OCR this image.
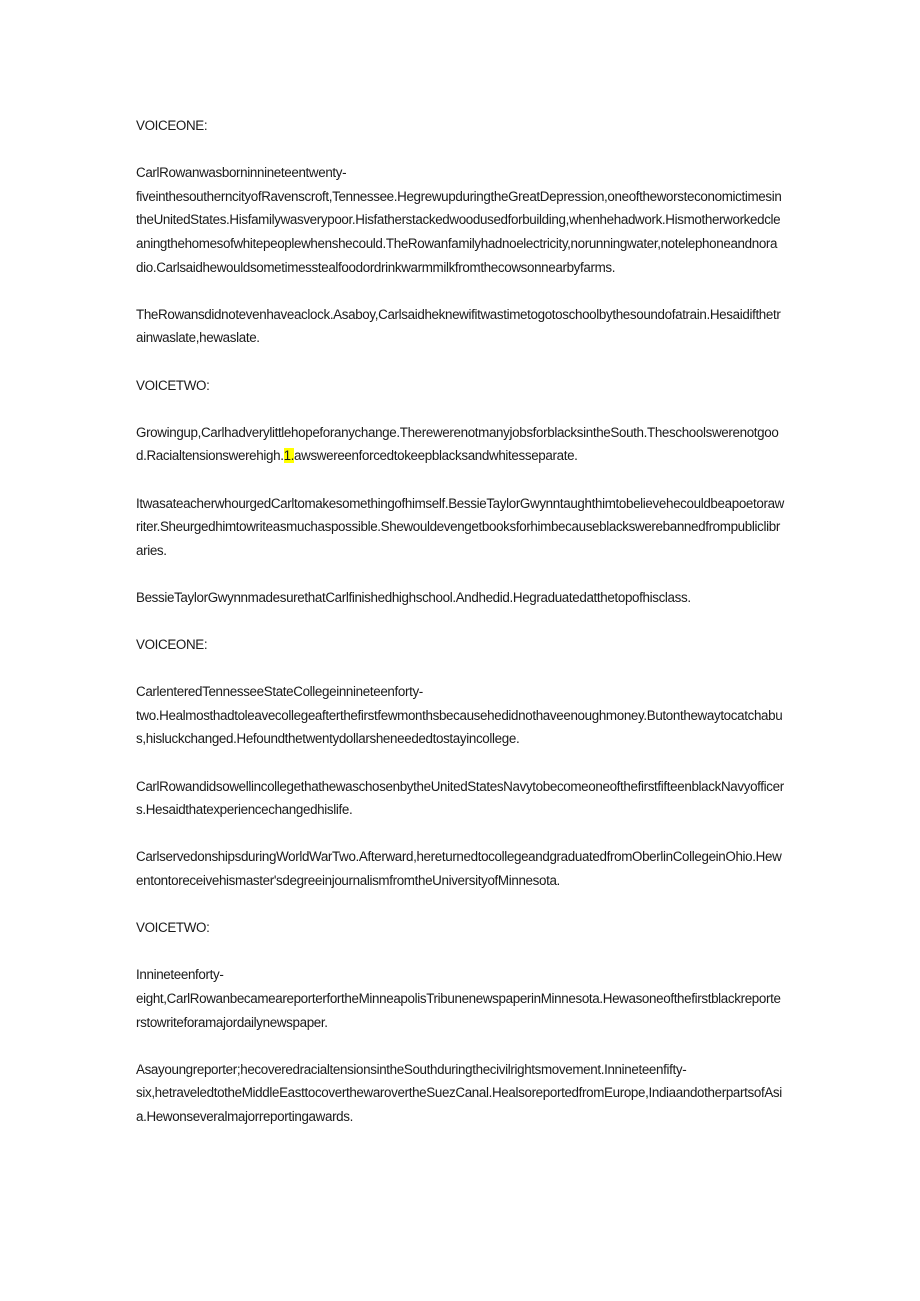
VOICEONE:

CarlRowanwasborninnineteentwenty-
fiveinthesoutherncityofRavenscroft,Tennessee.HegrewupduringtheGreatDepression,oneoftheworsteconomictimesintheUnitedStates.Hisfamilywasverypoor.Hisfatherstackedwoodusedforbuilding,whenhehadwork.Hismotherworkedcleaningthehomesofwhitepeoplewhenshecould.TheRowanfamilyhadnoelectricity,norunningwater,notelephoneandnoradio.Carlsaidhewouldsometimesstealfoodordrinkwarmmilkfromthecowsonnearbyfarms.

TheRowansdidnotevenhaveaclock.Asaboy,Carlsaidheknewifitwastimetogotoschoolbythesoundofatrain.Hesaidifthetrainwaslate,hewaslate.

VOICETWO:

Growingup,Carlhadverylittlehopeforanychange.TherewerenotmanyjobsforblacksintheSouth.Theschoolswerenotgood.Racialtensionswerehigh.1.awswereenforcedtokeepblacksandwhitesseparate.

ItwasateacherwhourgedCarltomakesomethingofhimself.BessieTaylorGwynntaughthimtobelievehecouldbeapoetorawriter.Sheurgedhimtowriteasmuchaspossible.Shewouldevengetbooksforhimbecauseblackswerebannedfrompubliclibraries.

BessieTaylorGwynnmadesurethatCarlfinishedhighschool.Andhedid.Hegraduatedatthetopofhisclass.

VOICEONE:

CarlenteredTennesseeStateCollegeinnineteenforty-
two.Healmosthadtoleavecollegeafterthefirstfewmonthsbecausehedidnothaveenoughmoney.Butonthewaytocatchabus,hisluckchanged.Hefoundthetwentydollarsheneededtostayincollege.

CarlRowandidsowellincollegethathewaschosenbytheUnitedStatesNavytobecomeoneofthefirstfifteenblackNavyofficers.Hesaidthatexperiencechangedhislife.

CarlservedonshipsduringWorldWarTwo.Afterward,hereturnedtocollegeandgraduatedfromOberlinCollegeinOhio.Hewentontoreceivehismaster'sdegreeinjournalismfromtheUniversityofMinnesota.

VOICETWO:

Innineteenforty-
eight,CarlRowanbecameareporterfortheMinneapolisTribunenewspaperinMinnesota.Hewasoneofthefirstblackreporterstowriteforamajordailynewspaper.

Asayoungreporter;hecoveredracialtensionsintheSouthduringthecivilrightsmovement.Innineteenfifty-
six,hetraveledtotheMiddleEasttocoverthewarovertheSuezCanal.HealsoreportedfromEurope,IndiaandotherpartsofAsia.Hewonseveralmajorreportingawards.
